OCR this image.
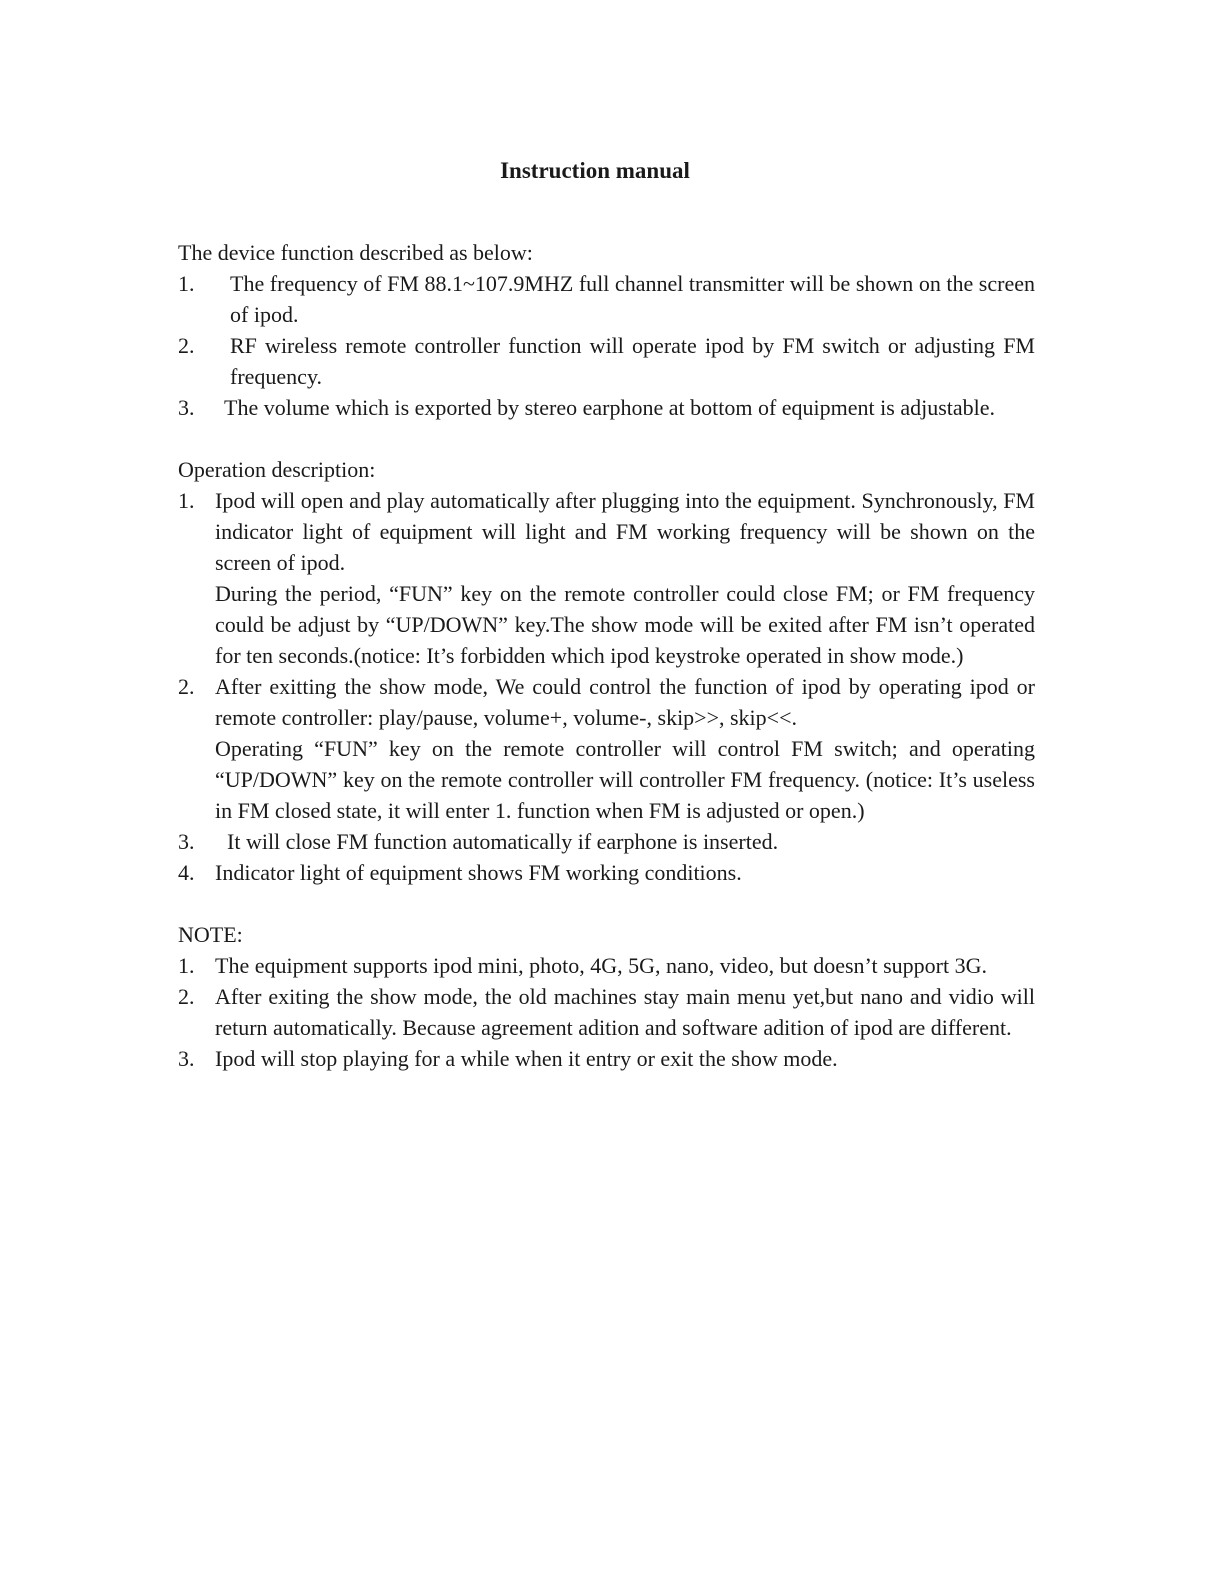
Instruction manual

The device function described as below:

1. The frequency of FM 88.1~107.9MHZ full channel transmitter will be shown on the screen of ipod.
2. RF wireless remote controller function will operate ipod by FM switch or adjusting FM frequency.
3. The volume which is exported by stereo earphone at bottom of equipment is adjustable.

Operation description:

1. Ipod will open and play automatically after plugging into the equipment. Synchronously, FM indicator light of equipment will light and FM working frequency will be shown on the screen of ipod.
During the period, “FUN” key on the remote controller could close FM; or FM frequency could be adjust by “UP/DOWN” key.The show mode will be exited after FM isn’t operated for ten seconds.(notice: It’s forbidden which ipod keystroke operated in show mode.)
2. After exitting the show mode, We could control the function of ipod by operating ipod or remote controller: play/pause, volume+, volume-, skip>>, skip<<.
Operating “FUN” key on the remote controller will control FM switch; and operating “UP/DOWN” key on the remote controller will controller FM frequency. (notice: It’s useless in FM closed state, it will enter 1. function when FM is adjusted or open.)
3. It will close FM function automatically if earphone is inserted.
4. Indicator light of equipment shows FM working conditions.

NOTE:

1. The equipment supports ipod mini, photo, 4G, 5G, nano, video, but doesn’t support 3G.
2. After exiting the show mode, the old machines stay main menu yet,but nano and vidio will return automatically. Because agreement adition and software adition of ipod are different.
3. Ipod will stop playing for a while when it entry or exit the show mode.
